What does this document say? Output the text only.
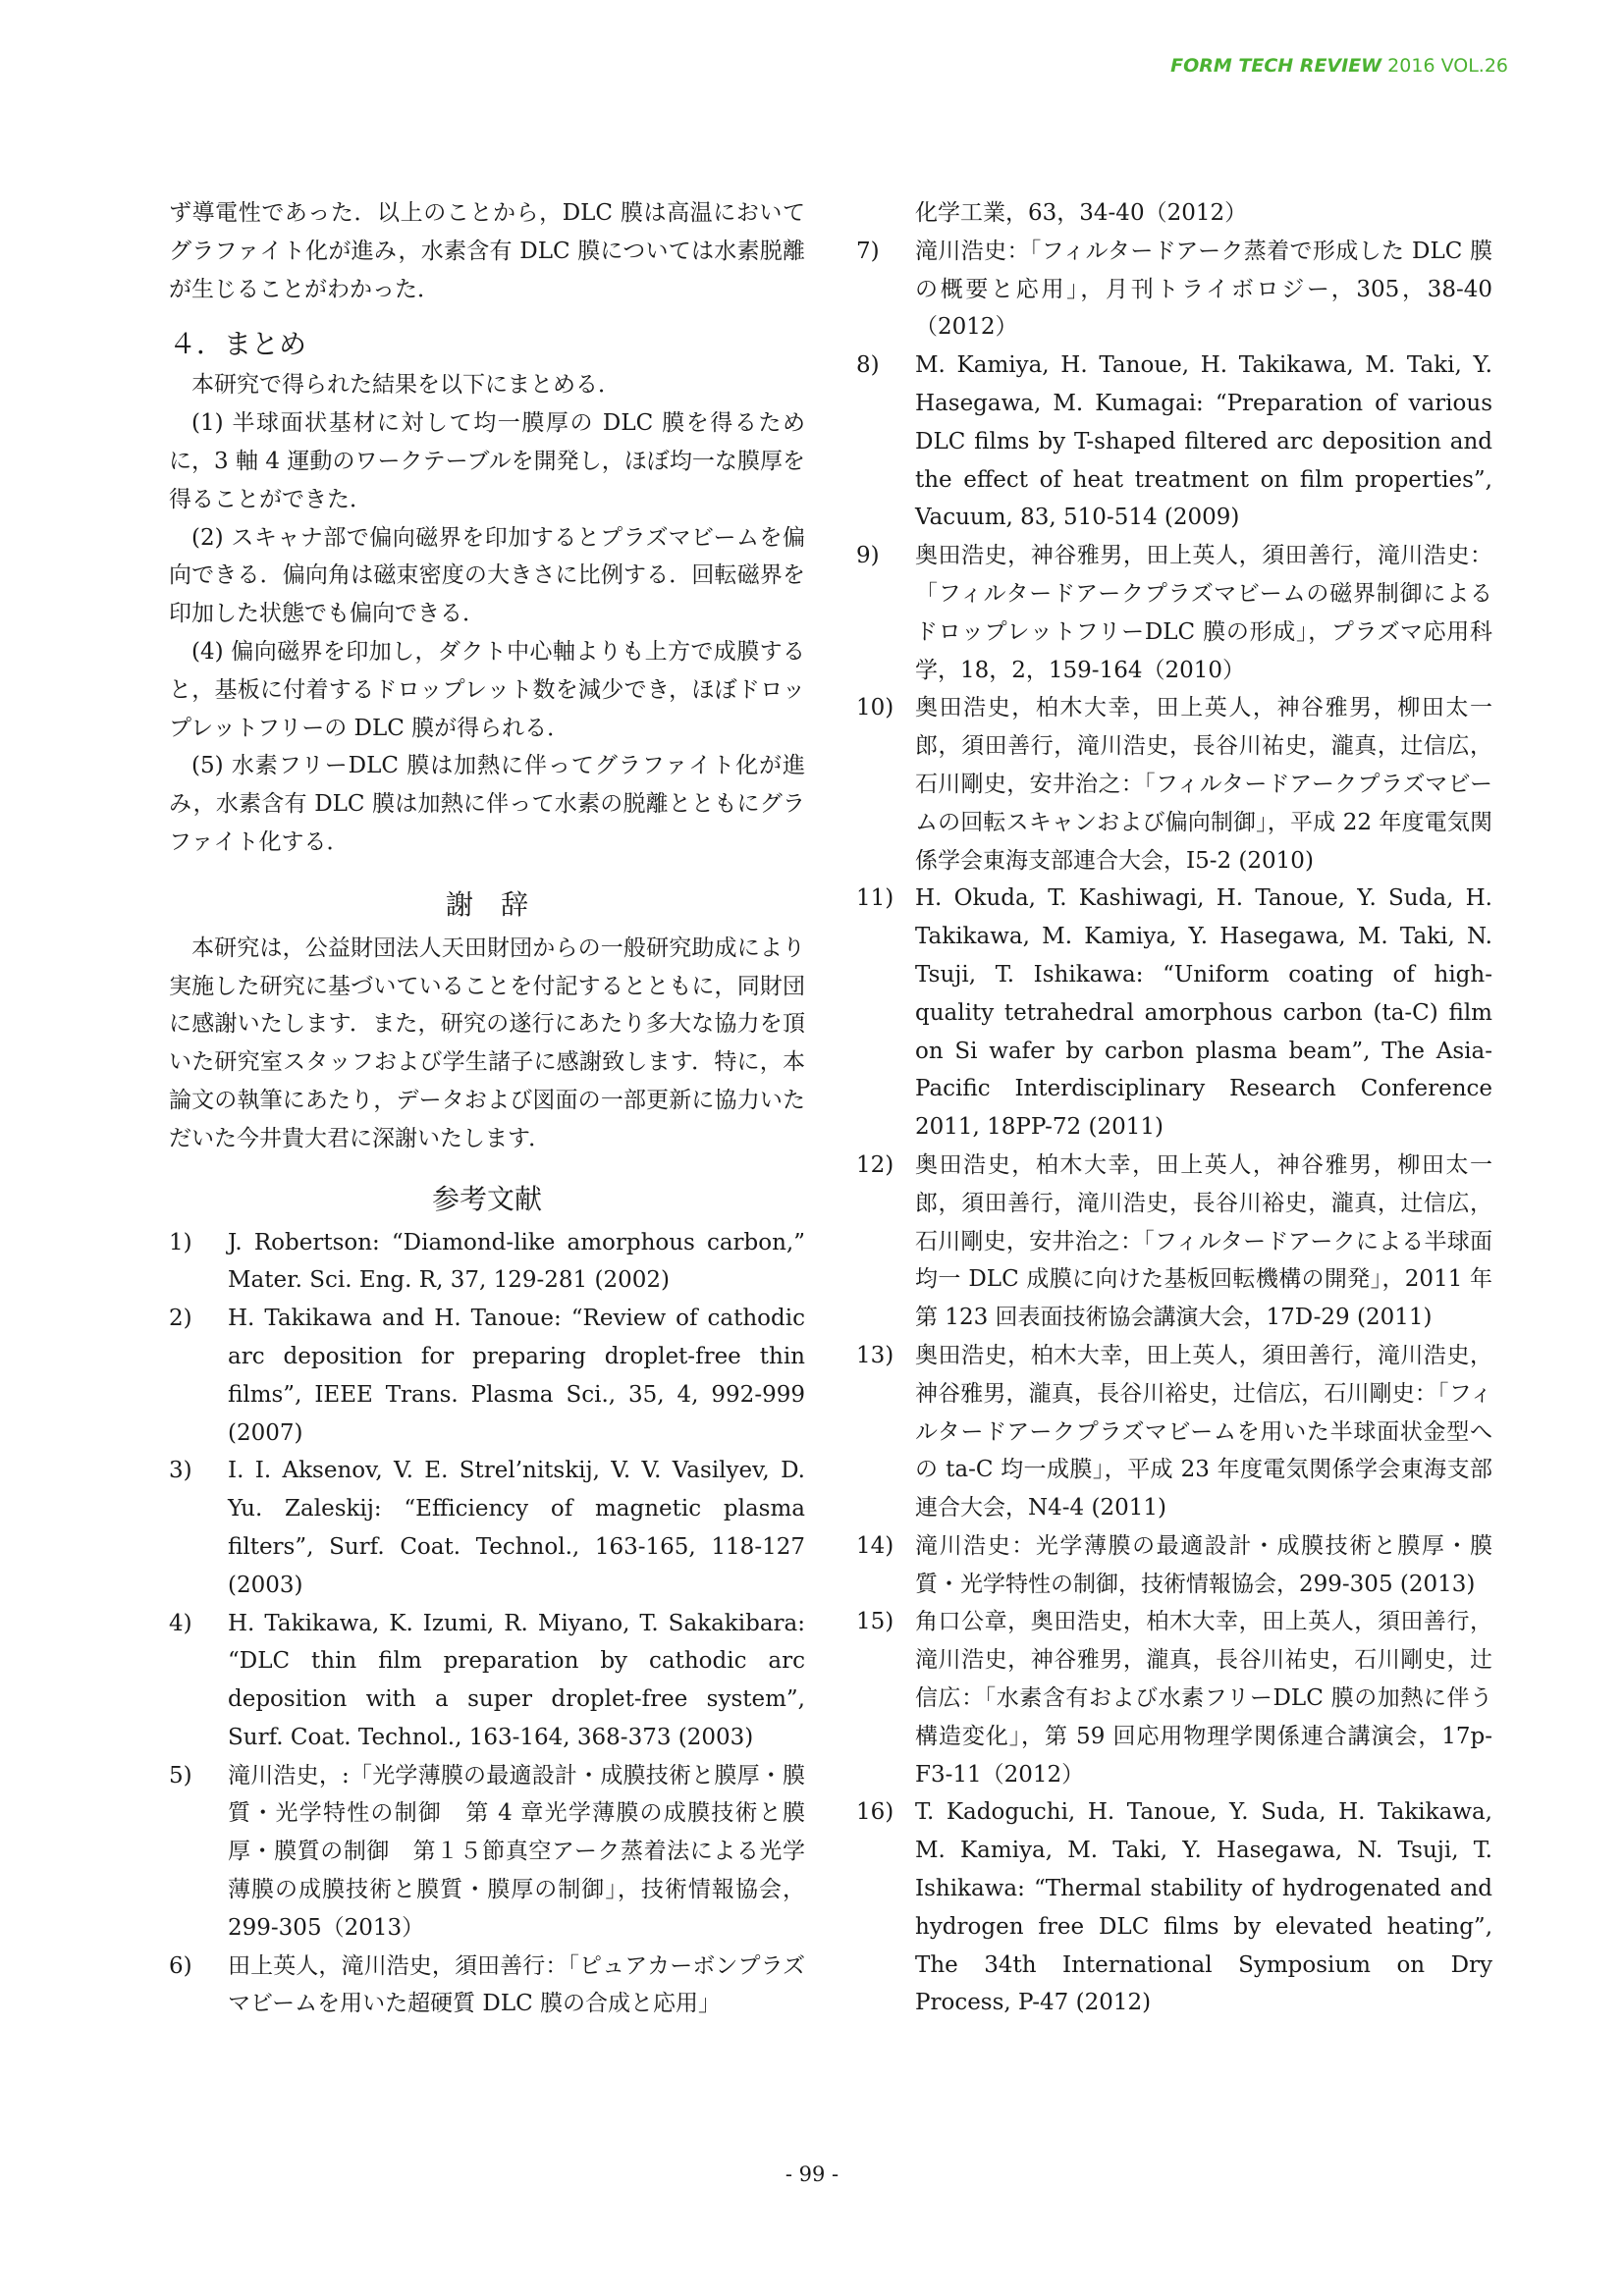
FORM TECH REVIEW 2016 VOL.26

ず導電性であった．以上のことから，DLC 膜は高温においてグラファイト化が進み，水素含有 DLC 膜については水素脱離が生じることがわかった．

４．まとめ

本研究で得られた結果を以下にまとめる．

(1) 半球面状基材に対して均一膜厚の DLC 膜を得るために，3 軸 4 運動のワークテーブルを開発し，ほぼ均一な膜厚を得ることができた．

(2) スキャナ部で偏向磁界を印加するとプラズマビームを偏向できる．偏向角は磁束密度の大きさに比例する．回転磁界を印加した状態でも偏向できる．

(4) 偏向磁界を印加し，ダクト中心軸よりも上方で成膜すると，基板に付着するドロップレット数を減少でき，ほぼドロップレットフリーの DLC 膜が得られる．

(5) 水素フリーDLC 膜は加熱に伴ってグラファイト化が進み，水素含有 DLC 膜は加熱に伴って水素の脱離とともにグラファイト化する．

謝　辞

本研究は，公益財団法人天田財団からの一般研究助成により実施した研究に基づいていることを付記するとともに，同財団に感謝いたします．また，研究の遂行にあたり多大な協力を頂いた研究室スタッフおよび学生諸子に感謝致します．特に，本論文の執筆にあたり，データおよび図面の一部更新に協力いただいた今井貴大君に深謝いたします．

参考文献
1)	J. Robertson: “Diamond-like amorphous carbon,” Mater. Sci. Eng. R, 37, 129-281 (2002)
2)	H. Takikawa and H. Tanoue: “Review of cathodic arc deposition for preparing droplet-free thin films”, IEEE Trans. Plasma Sci., 35, 4, 992-999 (2007)
3)	I. I. Aksenov, V. E. Strel’nitskij, V. V. Vasilyev, D. Yu. Zaleskij: “Efficiency of magnetic plasma filters”, Surf. Coat. Technol., 163-165, 118-127 (2003)
4)	H. Takikawa, K. Izumi, R. Miyano, T. Sakakibara: “DLC thin film preparation by cathodic arc deposition with a super droplet-free system”, Surf. Coat. Technol., 163-164, 368-373 (2003)
5)	滝川浩史，:「光学薄膜の最適設計・成膜技術と膜厚・膜質・光学特性の制御　第 4 章光学薄膜の成膜技術と膜厚・膜質の制御　第１５節真空アーク蒸着法による光学薄膜の成膜技術と膜質・膜厚の制御」，技術情報協会，299-305（2013）
6)	田上英人，滝川浩史，須田善行：「ピュアカーボンプラズマビームを用いた超硬質 DLC 膜の合成と応用」
化学工業，63，34-40（2012）
7)	滝川浩史：「フィルタードアーク蒸着で形成した DLC 膜の概要と応用」，月刊トライボロジー，305，38-40（2012）
8)	M. Kamiya, H. Tanoue, H. Takikawa, M. Taki, Y. Hasegawa, M. Kumagai: “Preparation of various DLC films by T-shaped filtered arc deposition and the effect of heat treatment on film properties”, Vacuum, 83, 510-514 (2009)
9)	奥田浩史，神谷雅男，田上英人，須田善行，滝川浩史：「フィルタードアークプラズマビームの磁界制御によるドロップレットフリーDLC 膜の形成」，プラズマ応用科学，18，2，159-164（2010）
10) 奥田浩史，柏木大幸，田上英人，神谷雅男，柳田太一郎，須田善行，滝川浩史，長谷川祐史，瀧真，辻信広，石川剛史，安井治之：「フィルタードアークプラズマビームの回転スキャンおよび偏向制御」，平成 22 年度電気関係学会東海支部連合大会，I5-2 (2010)
11) H. Okuda, T. Kashiwagi, H. Tanoue, Y. Suda, H. Takikawa, M. Kamiya, Y. Hasegawa, M. Taki, N. Tsuji, T. Ishikawa: “Uniform coating of high-quality tetrahedral amorphous carbon (ta-C) film on Si wafer by carbon plasma beam”, The Asia-Pacific Interdisciplinary Research Conference 2011, 18PP-72 (2011)
12) 奥田浩史，柏木大幸，田上英人，神谷雅男，柳田太一郎，須田善行，滝川浩史，長谷川裕史，瀧真，辻信広，石川剛史，安井治之：「フィルタードアークによる半球面均一 DLC 成膜に向けた基板回転機構の開発」，2011 年第 123 回表面技術協会講演大会，17D-29 (2011)
13) 奥田浩史，柏木大幸，田上英人，須田善行，滝川浩史，神谷雅男，瀧真，長谷川裕史，辻信広，石川剛史：「フィルタードアークプラズマビームを用いた半球面状金型への ta-C 均一成膜」，平成 23 年度電気関係学会東海支部連合大会，N4-4 (2011)
14) 滝川浩史：光学薄膜の最適設計・成膜技術と膜厚・膜質・光学特性の制御，技術情報協会，299-305 (2013)
15) 角口公章，奥田浩史，柏木大幸，田上英人，須田善行，滝川浩史，神谷雅男，瀧真，長谷川祐史，石川剛史，辻信広：「水素含有および水素フリーDLC 膜の加熱に伴う構造変化」，第 59 回応用物理学関係連合講演会，17p-F3-11（2012）
16) T. Kadoguchi, H. Tanoue, Y. Suda, H. Takikawa, M. Kamiya, M. Taki, Y. Hasegawa, N. Tsuji, T. Ishikawa: “Thermal stability of hydrogenated and hydrogen free DLC films by elevated heating”, The 34th International Symposium on Dry Process, P-47 (2012)
- 99 -
